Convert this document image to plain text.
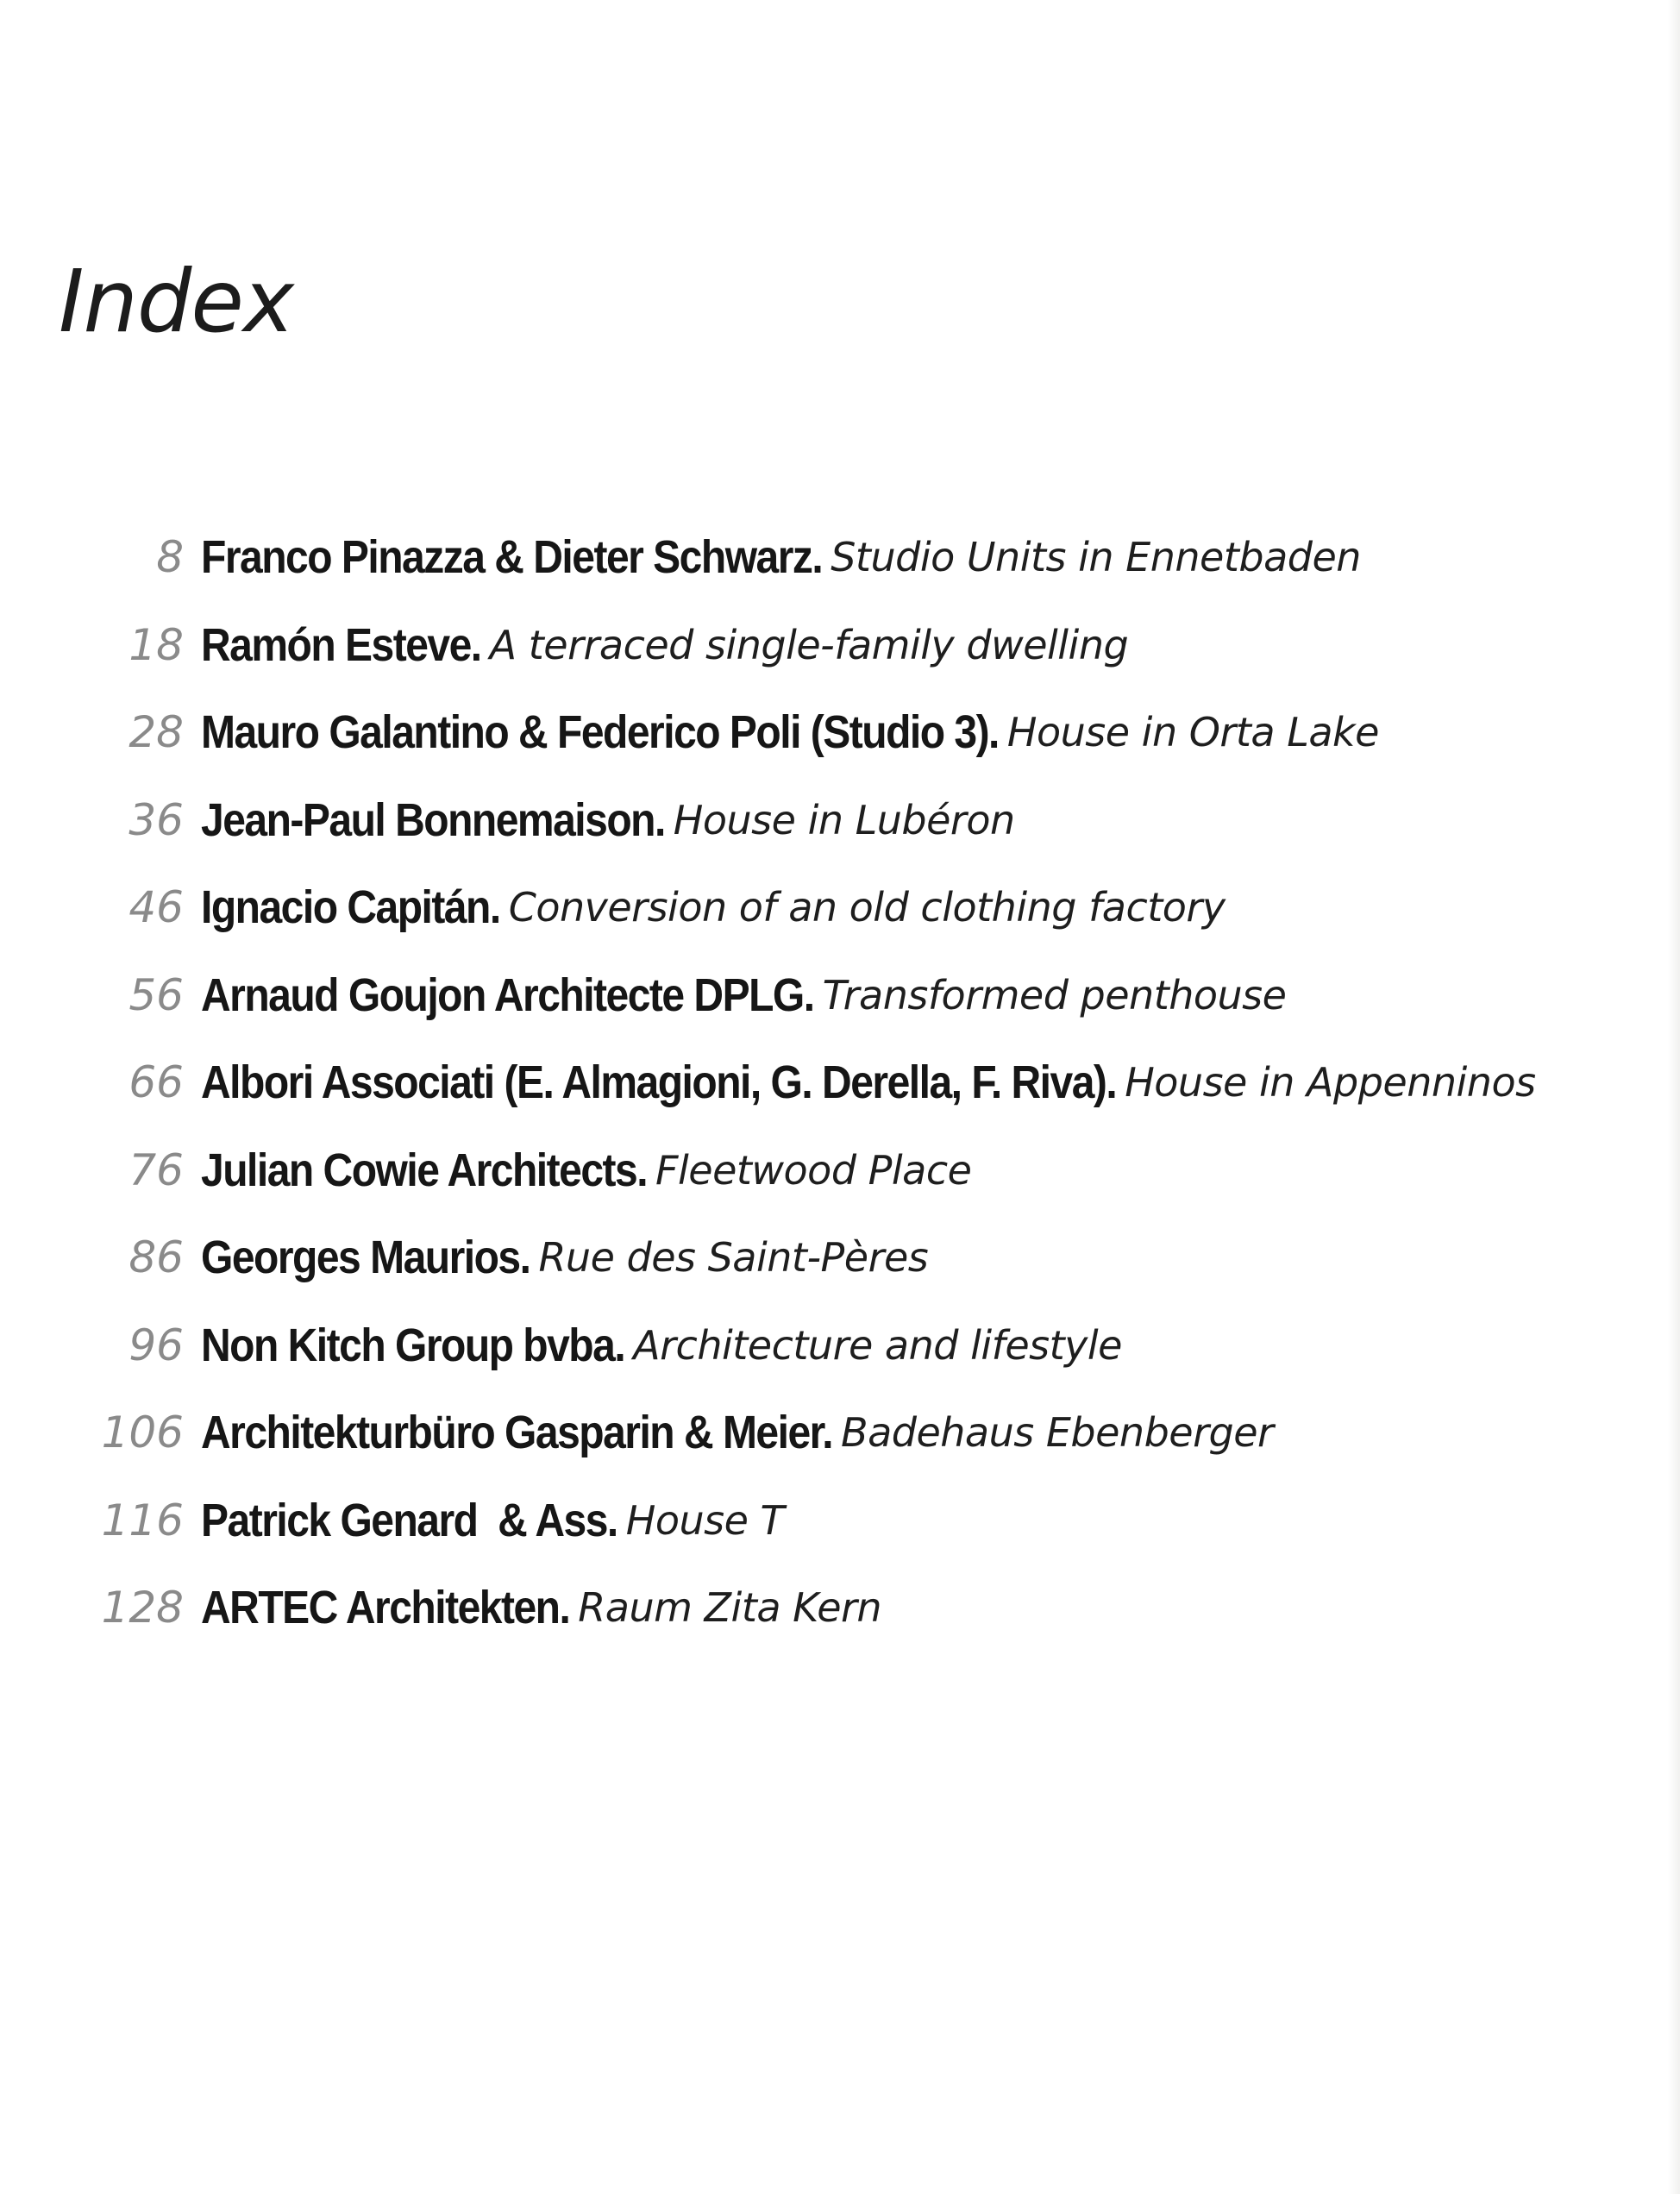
Index
8 Franco Pinazza & Dieter Schwarz. Studio Units in Ennetbaden
18 Ramón Esteve. A terraced single-family dwelling
28 Mauro Galantino & Federico Poli (Studio 3). House in Orta Lake
36 Jean-Paul Bonnemaison. House in Lubéron
46 Ignacio Capitán. Conversion of an old clothing factory
56 Arnaud Goujon Architecte DPLG. Transformed penthouse
66 Albori Associati (E. Almagioni, G. Derella, F. Riva). House in Appenninos
76 Julian Cowie Architects. Fleetwood Place
86 Georges Maurios. Rue des Saint-Pères
96 Non Kitch Group bvba. Architecture and lifestyle
106 Architekturbüro Gasparin & Meier. Badehaus Ebenberger
116 Patrick Genard  & Ass. House T
128 ARTEC Architekten. Raum Zita Kern
